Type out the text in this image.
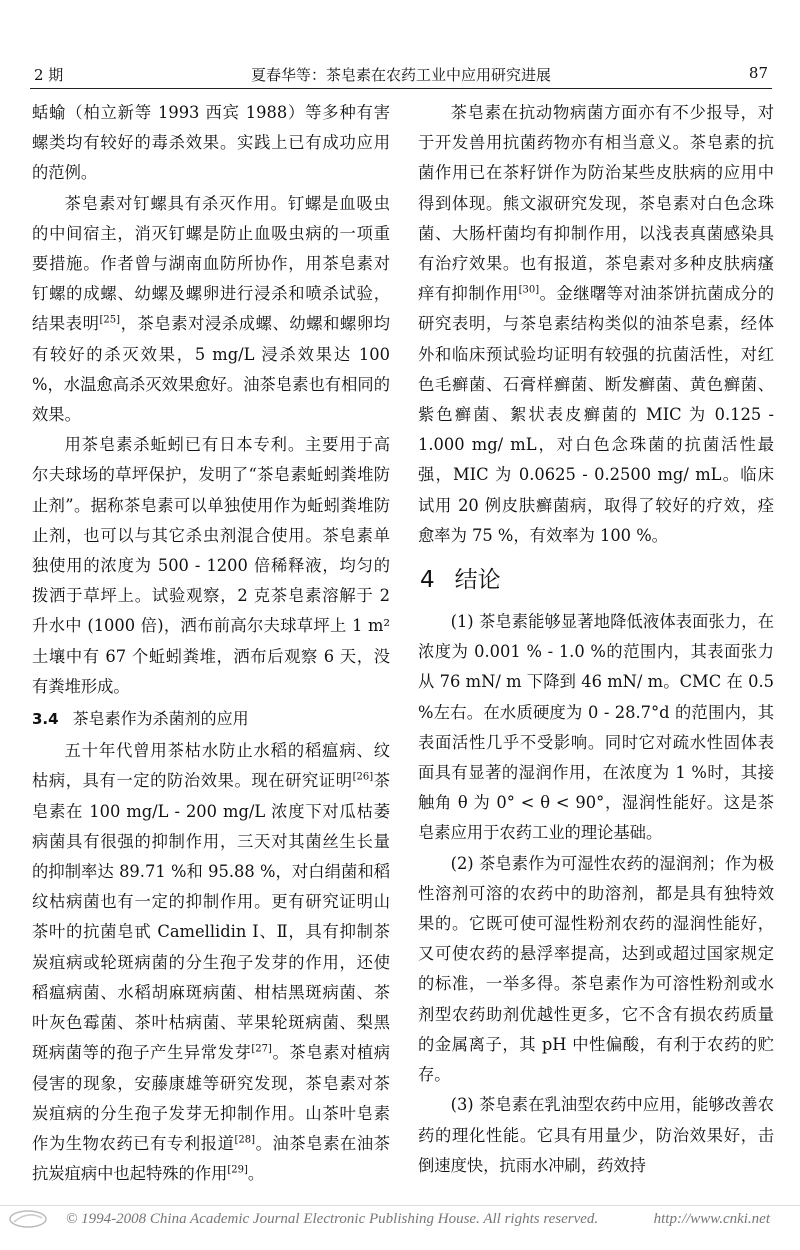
2 期	夏春华等：茶皂素在农药工业中应用研究进展	87

蛞蝓（柏立新等 1993 西宾 1988）等多种有害螺类均有较好的毒杀效果。实践上已有成功应用的范例。

茶皂素对钉螺具有杀灭作用。钉螺是血吸虫的中间宿主，消灭钉螺是防止血吸虫病的一项重要措施。作者曾与湖南血防所协作，用茶皂素对钉螺的成螺、幼螺及螺卵进行浸杀和喷杀试验，结果表明[25]，茶皂素对浸杀成螺、幼螺和螺卵均有较好的杀灭效果，5 mg/L 浸杀效果达 100 %，水温愈高杀灭效果愈好。油茶皂素也有相同的效果。

用茶皂素杀蚯蚓已有日本专利。主要用于高尔夫球场的草坪保护，发明了“茶皂素蚯蚓粪堆防止剂”。据称茶皂素可以单独使用作为蚯蚓粪堆防止剂，也可以与其它杀虫剂混合使用。茶皂素单独使用的浓度为 500 - 1200 倍稀释液，均匀的拨洒于草坪上。试验观察，2 克茶皂素溶解于 2 升水中 (1000 倍)，洒布前高尔夫球草坪上 1 m² 土壤中有 67 个蚯蚓粪堆，洒布后观察 6 天，没有粪堆形成。

3.4 茶皂素作为杀菌剂的应用

五十年代曾用茶枯水防止水稻的稻瘟病、纹枯病，具有一定的防治效果。现在研究证明[26]茶皂素在 100 mg/L - 200 mg/L 浓度下对瓜枯萎病菌具有很强的抑制作用，三天对其菌丝生长量的抑制率达 89.71 %和 95.88 %，对白绢菌和稻纹枯病菌也有一定的抑制作用。更有研究证明山茶叶的抗菌皂甙 Camellidin Ⅰ、Ⅱ，具有抑制茶炭疽病或轮斑病菌的分生孢子发芽的作用，还使稻瘟病菌、水稻胡麻斑病菌、柑桔黑斑病菌、茶叶灰色霉菌、茶叶枯病菌、苹果轮斑病菌、梨黑斑病菌等的孢子产生异常发芽[27]。茶皂素对植病侵害的现象，安藤康雄等研究发现，茶皂素对茶炭疽病的分生孢子发芽无抑制作用。山茶叶皂素作为生物农药已有专利报道[28]。油茶皂素在油茶抗炭疽病中也起特殊的作用[29]。

茶皂素在抗动物病菌方面亦有不少报导，对于开发兽用抗菌药物亦有相当意义。茶皂素的抗菌作用已在茶籽饼作为防治某些皮肤病的应用中得到体现。熊文淑研究发现，茶皂素对白色念珠菌、大肠杆菌均有抑制作用，以浅表真菌感染具有治疗效果。也有报道，茶皂素对多种皮肤病瘙痒有抑制作用[30]。金继曙等对油茶饼抗菌成分的研究表明，与茶皂素结构类似的油茶皂素，经体外和临床预试验均证明有较强的抗菌活性，对红色毛癣菌、石膏样癣菌、断发癣菌、黄色癣菌、紫色癣菌、絮状表皮癣菌的 MIC 为 0.125 - 1.000 mg/ mL，对白色念珠菌的抗菌活性最强，MIC 为 0.0625 - 0.2500 mg/ mL。临床试用 20 例皮肤癣菌病，取得了较好的疗效，痊愈率为 75 %，有效率为 100 %。

4 结论

(1) 茶皂素能够显著地降低液体表面张力，在浓度为 0.001 % - 1.0 %的范围内，其表面张力从 76 mN/ m 下降到 46 mN/ m。CMC 在 0.5 %左右。在水质硬度为 0 - 28.7°d 的范围内，其表面活性几乎不受影响。同时它对疏水性固体表面具有显著的湿润作用，在浓度为 1 %时，其接触角 θ 为 0° < θ < 90°，湿润性能好。这是茶皂素应用于农药工业的理论基础。

(2) 茶皂素作为可湿性农药的湿润剂；作为极性溶剂可溶的农药中的助溶剂，都是具有独特效果的。它既可使可湿性粉剂农药的湿润性能好，又可使农药的悬浮率提高，达到或超过国家规定的标准，一举多得。茶皂素作为可溶性粉剂或水剂型农药助剂优越性更多，它不含有损农药质量的金属离子，其 pH 中性偏酸，有利于农药的贮存。

(3) 茶皂素在乳油型农药中应用，能够改善农药的理化性能。它具有用量少，防治效果好，击倒速度快，抗雨水冲刷，药效持

© 1994-2008 China Academic Journal Electronic Publishing House. All rights reserved.	http://www.cnki.net
